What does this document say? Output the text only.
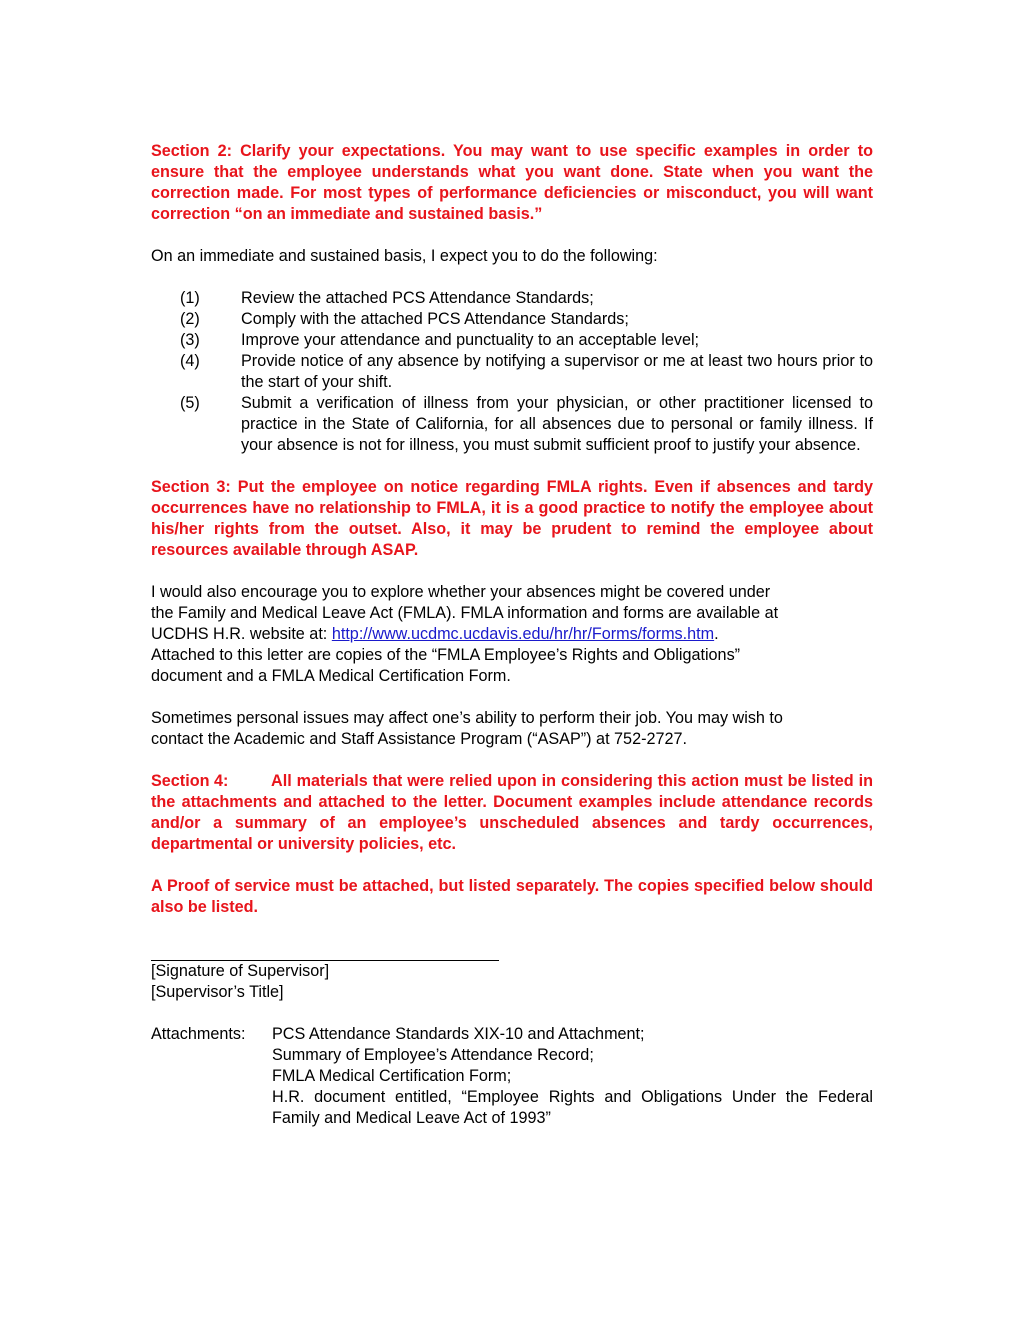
Section 2: Clarify your expectations. You may want to use specific examples in order to ensure that the employee understands what you want done. State when you want the correction made. For most types of performance deficiencies or misconduct, you will want correction “on an immediate and sustained basis.”

On an immediate and sustained basis, I expect you to do the following:

(1)	Review the attached PCS Attendance Standards;
(2)	Comply with the attached PCS Attendance Standards;
(3)	Improve your attendance and punctuality to an acceptable level;
(4)	Provide notice of any absence by notifying a supervisor or me at least two hours prior to the start of your shift.
(5)	Submit a verification of illness from your physician, or other practitioner licensed to practice in the State of California, for all absences due to personal or family illness. If your absence is not for illness, you must submit sufficient proof to justify your absence.

Section 3: Put the employee on notice regarding FMLA rights. Even if absences and tardy occurrences have no relationship to FMLA, it is a good practice to notify the employee about his/her rights from the outset. Also, it may be prudent to remind the employee about resources available through ASAP.

I would also encourage you to explore whether your absences might be covered under
the Family and Medical Leave Act (FMLA). FMLA information and forms are available at
UCDHS H.R. website at: http://www.ucdmc.ucdavis.edu/hr/hr/Forms/forms.htm.
Attached to this letter are copies of the “FMLA Employee’s Rights and Obligations”
document and a FMLA Medical Certification Form.
Sometimes personal issues may affect one’s ability to perform their job. You may wish to
contact the Academic and Staff Assistance Program (“ASAP”) at 752-2727.

Section 4:	All materials that were relied upon in considering this action must be listed in the attachments and attached to the letter. Document examples include attendance records and/or a summary of an employee’s unscheduled absences and tardy occurrences, departmental or university policies, etc.

A Proof of service must be attached, but listed separately. The copies specified below should also be listed.

[Signature of Supervisor]
[Supervisor’s Title]
Attachments:	PCS Attendance Standards XIX-10 and Attachment;
Summary of Employee’s Attendance Record;
FMLA Medical Certification Form;
H.R. document entitled, “Employee Rights and Obligations Under the Federal Family and Medical Leave Act of 1993”
